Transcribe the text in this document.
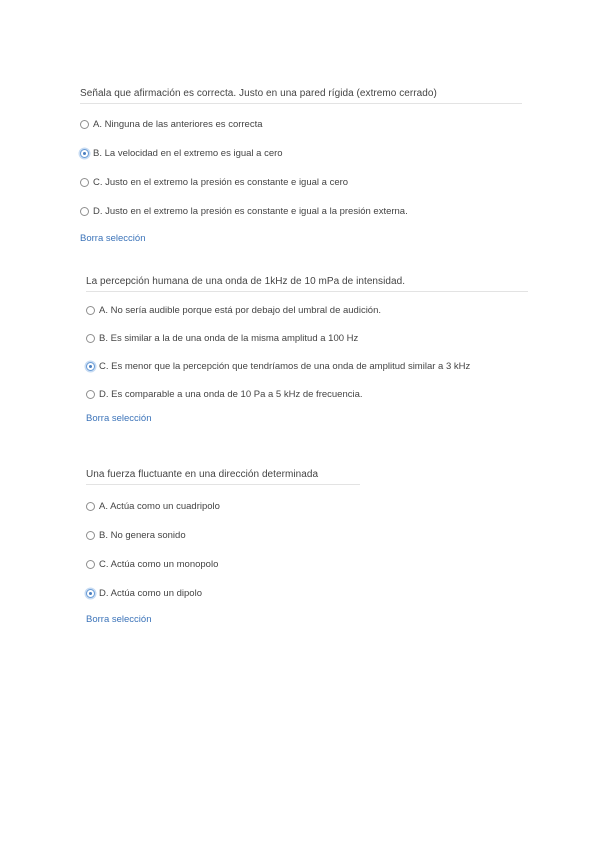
Señala que afirmación es correcta. Justo en una pared rígida (extremo cerrado)
A. Ninguna de las anteriores es correcta
B. La velocidad en el extremo es igual a cero
C. Justo en el extremo la presión es constante e igual a cero
D. Justo en el extremo la presión es constante e igual a la presión externa.
Borra selección
La percepción humana de una onda de 1kHz de 10 mPa de intensidad.
A. No sería audible porque está por debajo del umbral de audición.
B. Es similar a la de una onda de la misma amplitud a 100 Hz
C. Es menor que la percepción que tendríamos de una onda de amplitud similar a 3 kHz
D. Es comparable a una onda de 10 Pa a 5 kHz de frecuencia.
Borra selección
Una fuerza fluctuante en una dirección determinada
A. Actúa como un cuadripolo
B. No genera sonido
C. Actúa como un monopolo
D. Actúa como un dipolo
Borra selección
